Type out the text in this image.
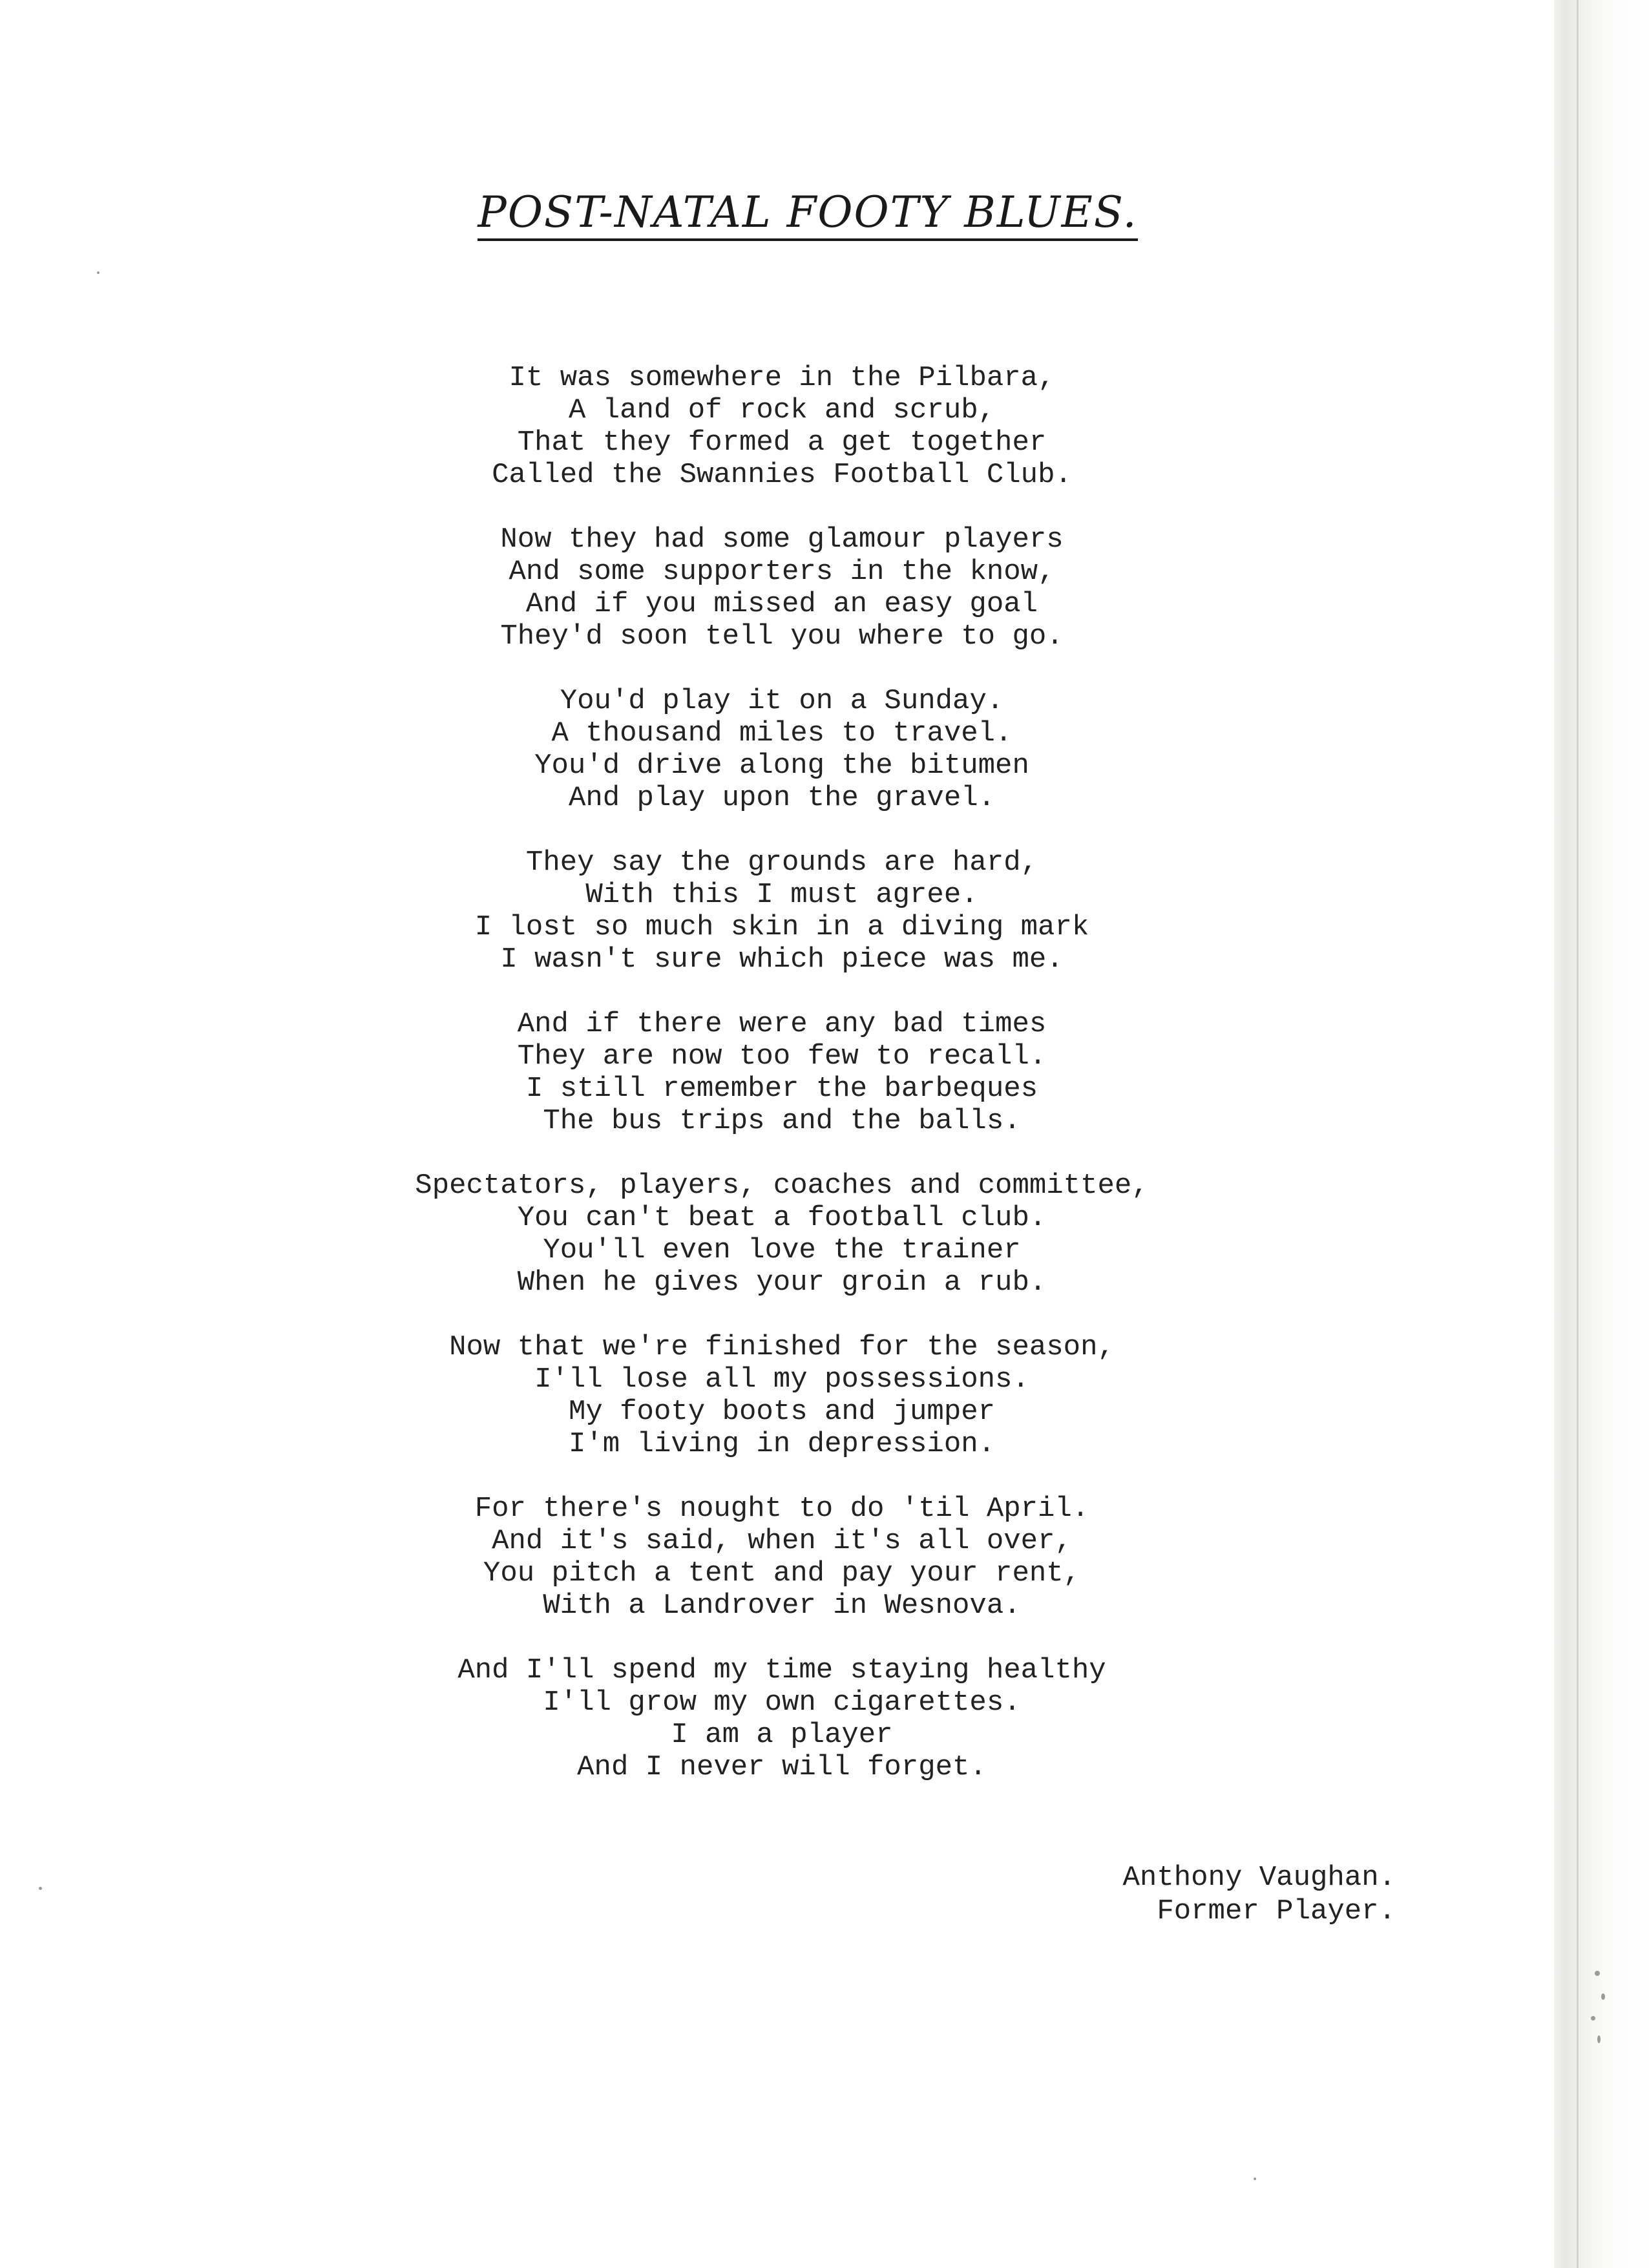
POST-NATAL FOOTY BLUES.
It was somewhere in the Pilbara,
A land of rock and scrub,
That they formed a get together
Called the Swannies Football Club.
Now they had some glamour players
And some supporters in the know,
And if you missed an easy goal
They'd soon tell you where to go.
You'd play it on a Sunday.
A thousand miles to travel.
You'd drive along the bitumen
And play upon the gravel.
They say the grounds are hard,
With this I must agree.
I lost so much skin in a diving mark
I wasn't sure which piece was me.
And if there were any bad times
They are now too few to recall.
I still remember the barbeques
The bus trips and the balls.
Spectators, players, coaches and committee,
You can't beat a football club.
You'll even love the trainer
When he gives your groin a rub.
Now that we're finished for the season,
I'll lose all my possessions.
My footy boots and jumper
I'm living in depression.
For there's nought to do 'til April.
And it's said, when it's all over,
You pitch a tent and pay your rent,
With a Landrover in Wesnova.
And I'll spend my time staying healthy
I'll grow my own cigarettes.
I am a player
And I never will forget.
Anthony Vaughan.
Former Player.
